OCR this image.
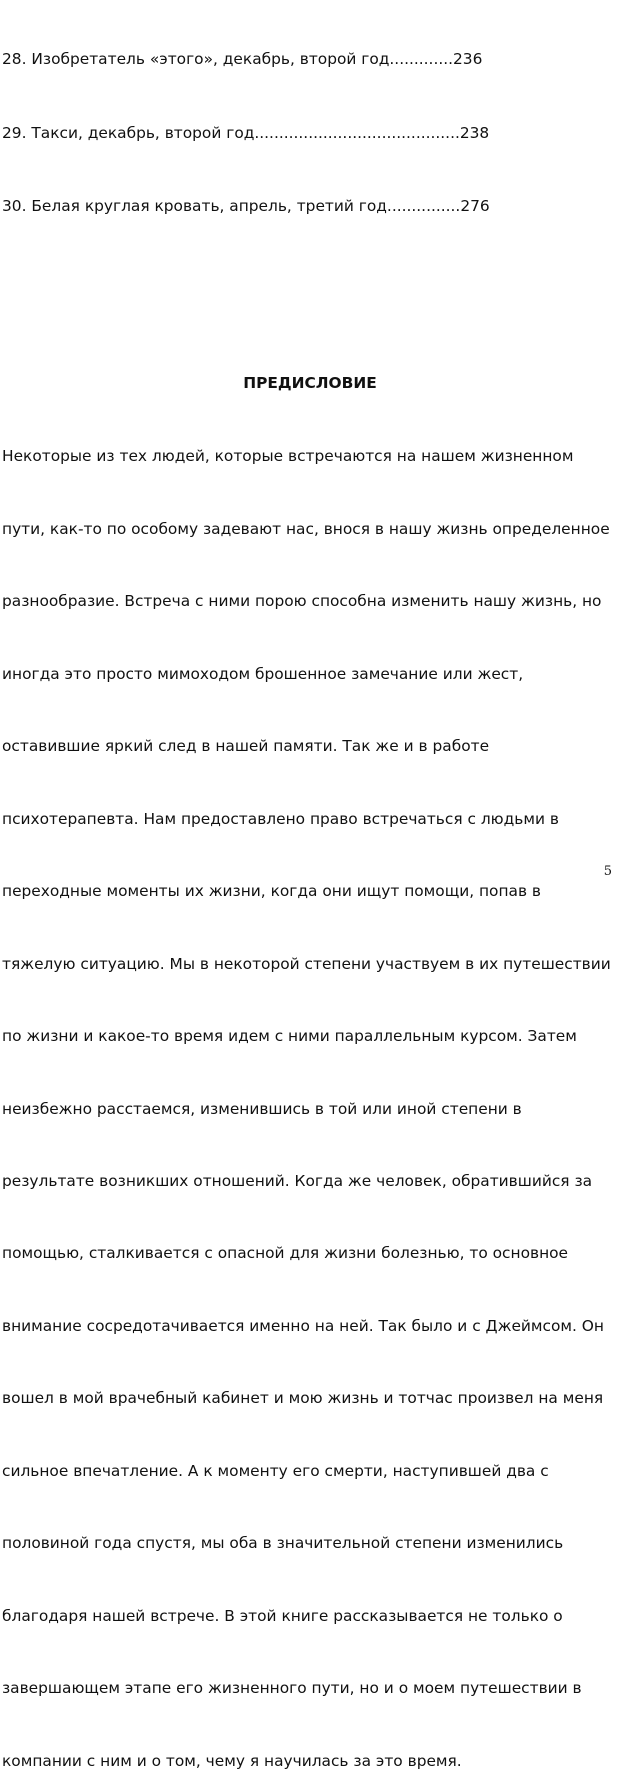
28. Изобретатель «этого», декабрь, второй год.............236

29. Такси, декабрь, второй год..........................................238

30. Белая круглая кровать, апрель, третий год...............276

ПРЕДИСЛОВИЕ

Некоторые из тех людей, которые встречаются на нашем жизненном

пути, как-то по особому задевают нас, внося в нашу жизнь определенное

разнообразие. Встреча с ними порою способна изменить нашу жизнь, но

иногда это просто мимоходом брошенное замечание или жест,

оставившие яркий след в нашей памяти. Так же и в работе

психотерапевта. Нам предоставлено право встречаться с людьми в

переходные моменты их жизни, когда они ищут помощи, попав в

тяжелую ситуацию. Мы в некоторой степени участвуем в их путешествии

по жизни и какое-то время идем с ними параллельным курсом. Затем

неизбежно расстаемся, изменившись в той или иной степени в

результате возникших отношений. Когда же человек, обратившийся за

помощью, сталкивается с опасной для жизни болезнью, то основное

внимание сосредотачивается именно на ней. Так было и с Джеймсом. Он

вошел в мой врачебный кабинет и мою жизнь и тотчас произвел на меня

сильное впечатление. А к моменту его смерти, наступившей два с

половиной года спустя, мы оба в значительной степени изменились

благодаря нашей встрече. В этой книге рассказывается не только о

завершающем этапе его жизненного пути, но и о моем путешествии в

компании с ним и о том, чему я научилась за это время.

5
